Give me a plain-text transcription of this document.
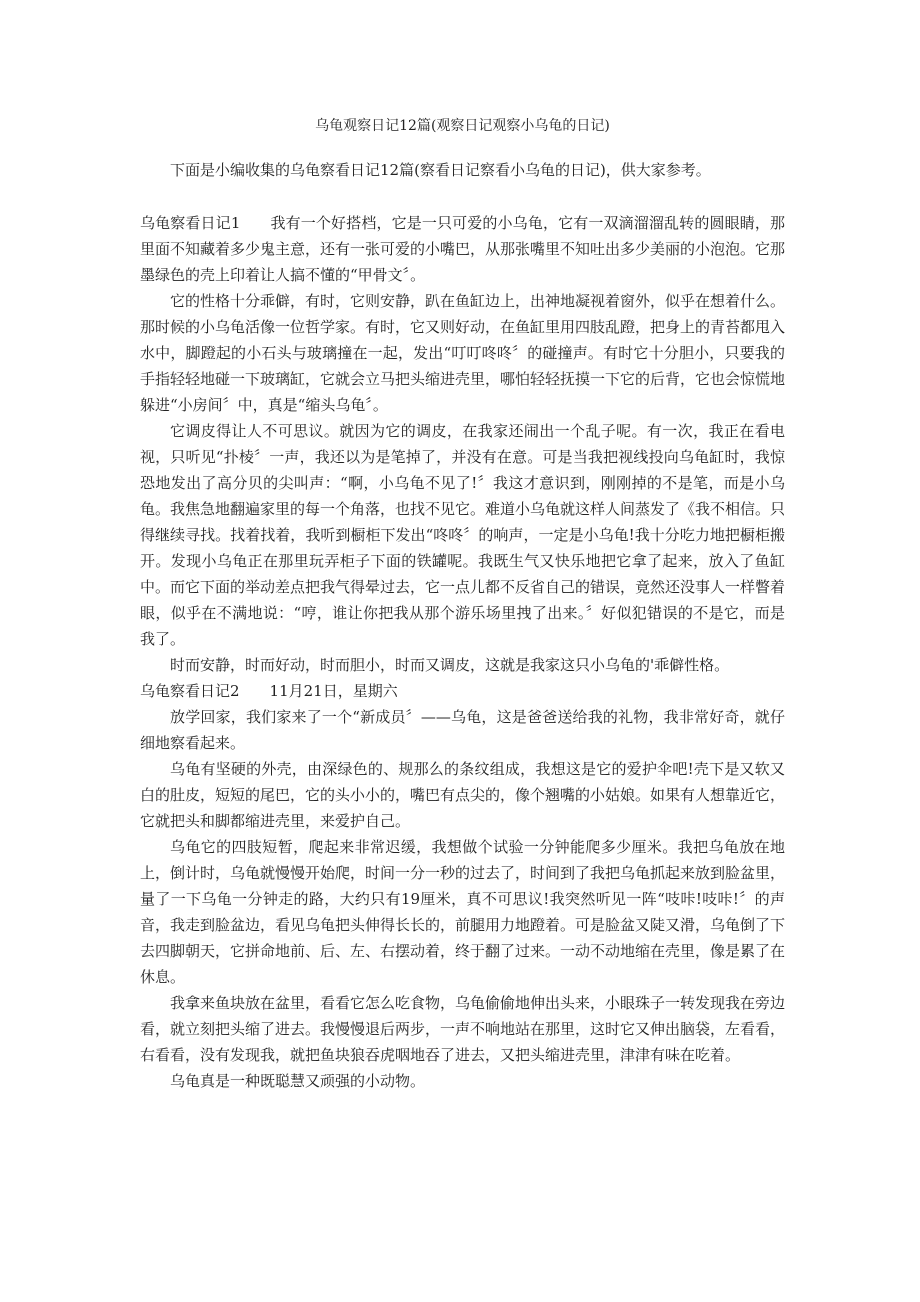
乌龟观察日记12篇(观察日记观察小乌龟的日记)
下面是小编收集的乌龟察看日记12篇(察看日记察看小乌龟的日记)，供大家参考。

乌龟察看日记1 我有一个好搭档，它是一只可爱的小乌龟，它有一双滴溜溜乱转的圆眼睛，那里面不知藏着多少鬼主意，还有一张可爱的小嘴巴，从那张嘴里不知吐出多少美丽的小泡泡。它那墨绿色的壳上印着让人搞不懂的“甲骨文〞。

它的性格十分乖僻，有时，它则安静，趴在鱼缸边上，出神地凝视着窗外，似乎在想着什么。那时候的小乌龟活像一位哲学家。有时，它又则好动，在鱼缸里用四肢乱蹬，把身上的青苔都甩入水中，脚蹬起的小石头与玻璃撞在一起，发出“叮叮咚咚〞的碰撞声。有时它十分胆小，只要我的手指轻轻地碰一下玻璃缸，它就会立马把头缩进壳里，哪怕轻轻抚摸一下它的后背，它也会惊慌地躲进“小房间〞中，真是“缩头乌龟〞。

它调皮得让人不可思议。就因为它的调皮，在我家还闹出一个乱子呢。有一次，我正在看电视，只听见“扑棱〞一声，我还以为是笔掉了，并没有在意。可是当我把视线投向乌龟缸时，我惊恐地发出了高分贝的尖叫声：“啊，小乌龟不见了!〞我这才意识到，刚刚掉的不是笔，而是小乌龟。我焦急地翻遍家里的每一个角落，也找不见它。难道小乌龟就这样人间蒸发了《我不相信。只得继续寻找。找着找着，我听到橱柜下发出“咚咚〞的响声，一定是小乌龟!我十分吃力地把橱柜搬开。发现小乌龟正在那里玩弄柜子下面的铁罐呢。我既生气又快乐地把它拿了起来，放入了鱼缸中。而它下面的举动差点把我气得晕过去，它一点儿都不反省自己的错误，竟然还没事人一样瞥着眼，似乎在不满地说：“哼，谁让你把我从那个游乐场里拽了出来。〞好似犯错误的不是它，而是我了。

时而安静，时而好动，时而胆小，时而又调皮，这就是我家这只小乌龟的'乖僻性格。

乌龟察看日记2 11月21日，星期六

放学回家，我们家来了一个“新成员〞——乌龟，这是爸爸送给我的礼物，我非常好奇，就仔细地察看起来。

乌龟有坚硬的外壳，由深绿色的、规那么的条纹组成，我想这是它的爱护伞吧!壳下是又软又白的肚皮，短短的尾巴，它的头小小的，嘴巴有点尖的，像个翘嘴的小姑娘。如果有人想靠近它，它就把头和脚都缩进壳里，来爱护自己。

乌龟它的四肢短暂，爬起来非常迟缓，我想做个试验一分钟能爬多少厘米。我把乌龟放在地上，倒计时，乌龟就慢慢开始爬，时间一分一秒的过去了，时间到了我把乌龟抓起来放到脸盆里，量了一下乌龟一分钟走的路，大约只有19厘米，真不可思议!我突然听见一阵“吱咔!吱咔!〞的声音，我走到脸盆边，看见乌龟把头伸得长长的，前腿用力地蹬着。可是脸盆又陡又滑，乌龟倒了下去四脚朝天，它拼命地前、后、左、右摆动着，终于翻了过来。一动不动地缩在壳里，像是累了在休息。

我拿来鱼块放在盆里，看看它怎么吃食物，乌龟偷偷地伸出头来，小眼珠子一转发现我在旁边看，就立刻把头缩了进去。我慢慢退后两步，一声不响地站在那里，这时它又伸出脑袋，左看看，右看看，没有发现我，就把鱼块狼吞虎咽地吞了进去，又把头缩进壳里，津津有味在吃着。

乌龟真是一种既聪慧又顽强的小动物。
